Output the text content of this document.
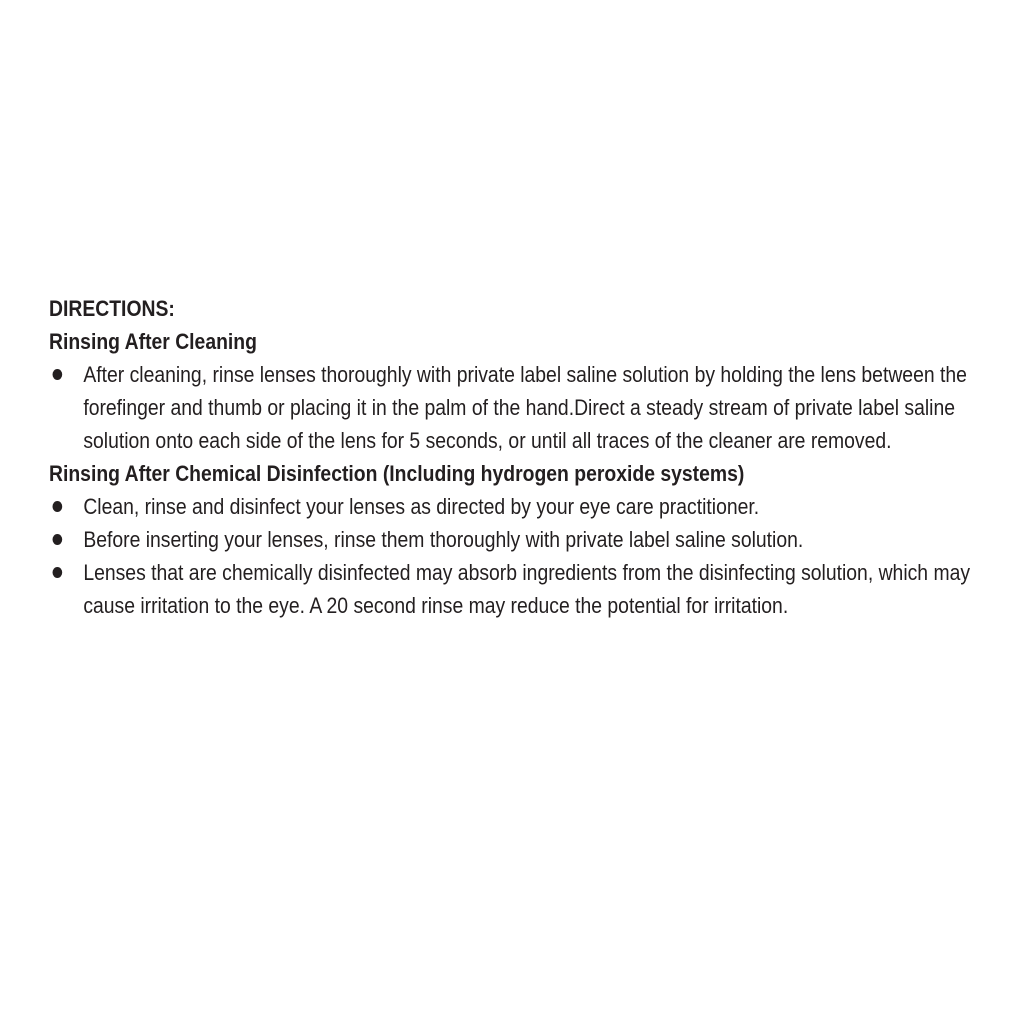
DIRECTIONS:
Rinsing After Cleaning
After cleaning, rinse lenses thoroughly with private label saline solution by holding the lens between the forefinger and thumb or placing it in the palm of the hand.Direct a steady stream of private label saline solution onto each side of the lens for 5 seconds, or until all traces of the cleaner are removed.
Rinsing After Chemical Disinfection (Including hydrogen peroxide systems)
Clean, rinse and disinfect your lenses as directed by your eye care practitioner.
Before inserting your lenses, rinse them thoroughly with private label saline solution.
Lenses that are chemically disinfected may absorb ingredients from the disinfecting solution, which may cause irritation to the eye. A 20 second rinse may reduce the potential for irritation.
